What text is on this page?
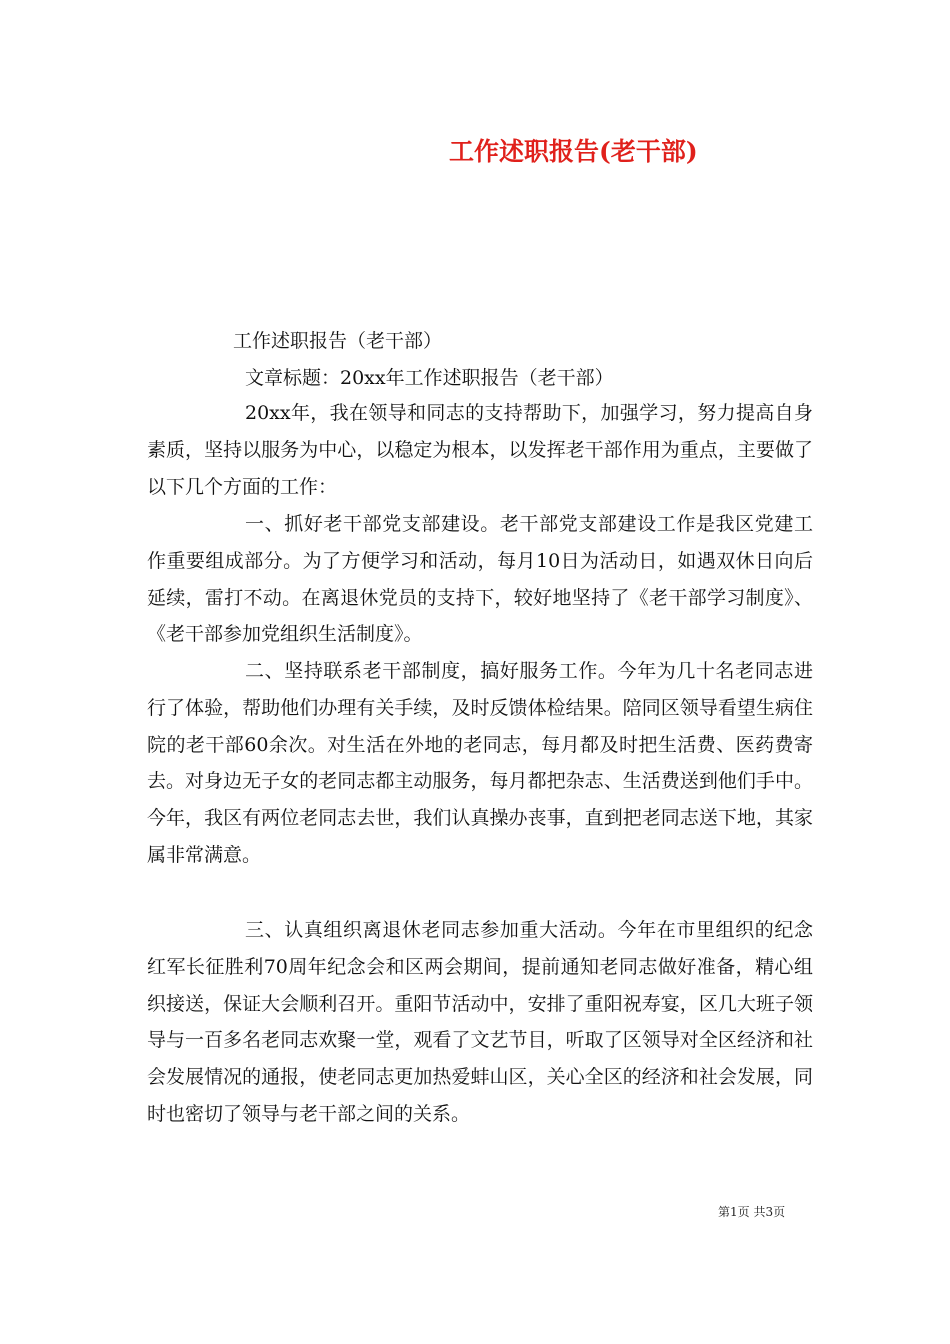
工作述职报告(老干部)
工作述职报告（老干部）
文章标题：20xx年工作述职报告（老干部）

20xx年，我在领导和同志的支持帮助下，加强学习，努力提高自身素质，坚持以服务为中心，以稳定为根本，以发挥老干部作用为重点，主要做了以下几个方面的工作：

一、抓好老干部党支部建设。老干部党支部建设工作是我区党建工作重要组成部分。为了方便学习和活动，每月10日为活动日，如遇双休日向后延续，雷打不动。在离退休党员的支持下，较好地坚持了《老干部学习制度》、《老干部参加党组织生活制度》。

二、坚持联系老干部制度，搞好服务工作。今年为几十名老同志进行了体验，帮助他们办理有关手续，及时反馈体检结果。陪同区领导看望生病住院的老干部60余次。对生活在外地的老同志，每月都及时把生活费、医药费寄去。对身边无子女的老同志都主动服务，每月都把杂志、生活费送到他们手中。今年，我区有两位老同志去世，我们认真操办丧事，直到把老同志送下地，其家属非常满意。

三、认真组织离退休老同志参加重大活动。今年在市里组织的纪念红军长征胜利70周年纪念会和区两会期间，提前通知老同志做好准备，精心组织接送，保证大会顺利召开。重阳节活动中，安排了重阳祝寿宴，区几大班子领导与一百多名老同志欢聚一堂，观看了文艺节目，听取了区领导对全区经济和社会发展情况的通报，使老同志更加热爱蚌山区，关心全区的经济和社会发展，同时也密切了领导与老干部之间的关系。

第1页 共3页
